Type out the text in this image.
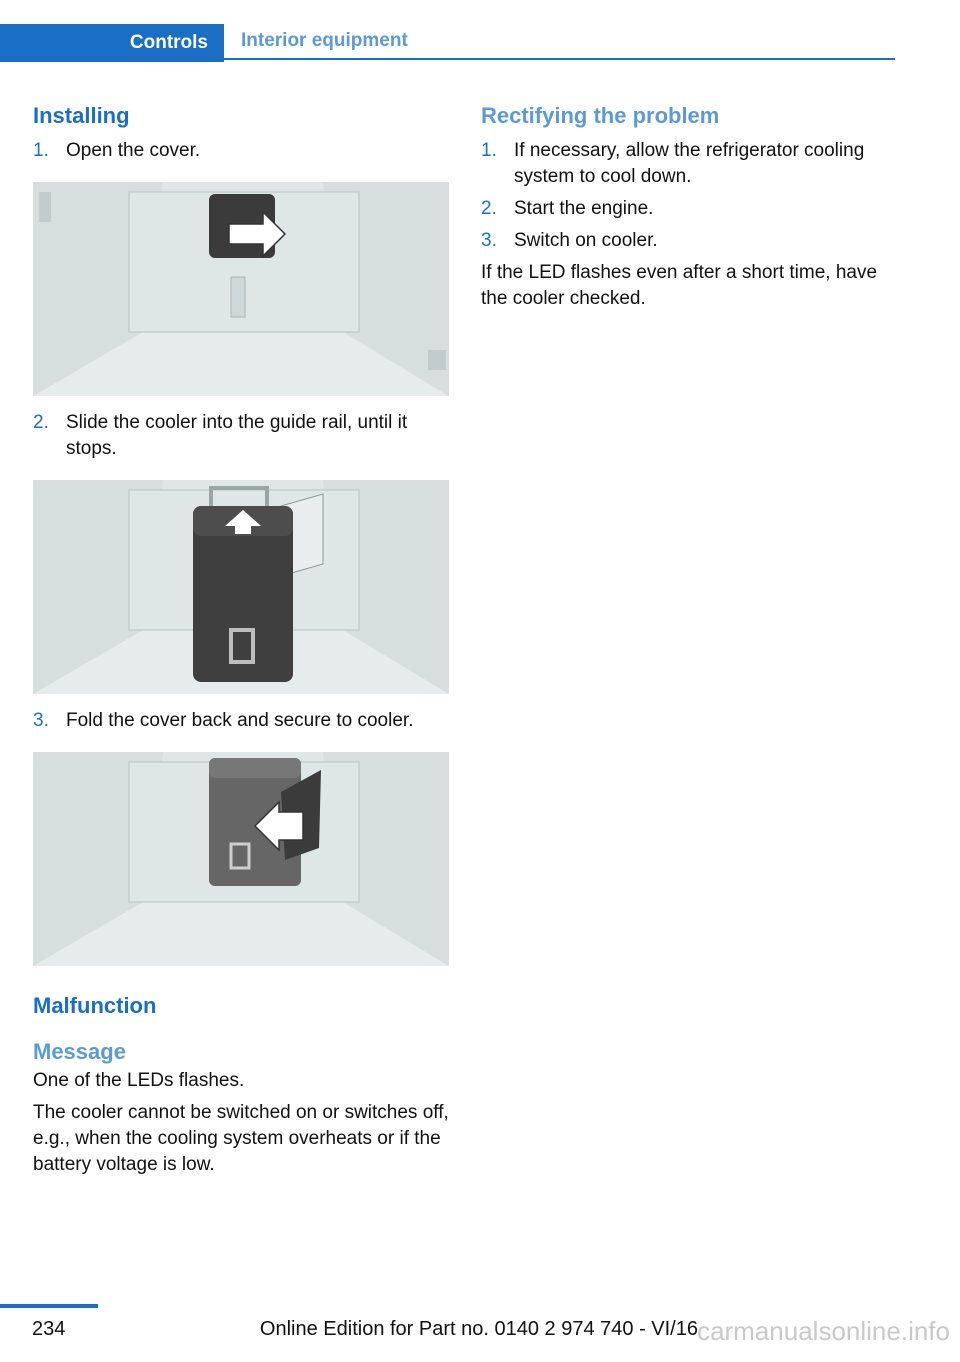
Controls	Interior equipment
Installing
1. Open the cover.
2. Slide the cooler into the guide rail, until it stops.
3. Fold the cover back and secure to cooler.
Malfunction
Message

One of the LEDs flashes.

The cooler cannot be switched on or switches off, e.g., when the cooling system overheats or if the battery voltage is low.

Rectifying the problem
1. If necessary, allow the refrigerator cooling system to cool down.
2. Start the engine.
3. Switch on cooler.

If the LED flashes even after a short time, have the cooler checked.

234	Online Edition for Part no. 0140 2 974 740 - VI/16 carmanualsonline.info
